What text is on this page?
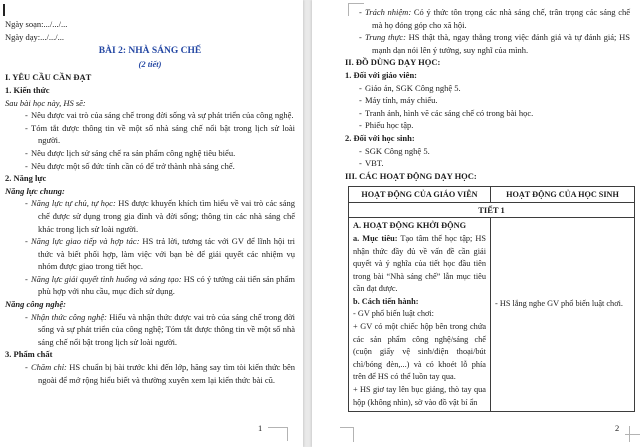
Ngày soạn:.../.../...
Ngày dạy:.../.../...
BÀI 2: NHÀ SÁNG CHẾ
(2 tiết)
I. YÊU CẦU CẦN ĐẠT
1. Kiến thức
Sau bài học này, HS sẽ:
- Nêu được vai trò của sáng chế trong đời sống và sự phát triển của công nghệ.
- Tóm tắt được thông tin về một số nhà sáng chế nổi bật trong lịch sử loài người.
- Nêu được lịch sử sáng chế ra sản phẩm công nghệ tiêu biểu.
- Nêu được một số đức tính cần có để trở thành nhà sáng chế.
2. Năng lực
Năng lực chung:
- Năng lực tự chủ, tự học: HS được khuyến khích tìm hiểu về vai trò các sáng chế được sử dụng trong gia đình và đời sống; thông tin các nhà sáng chế khác trong lịch sử loài người.
- Năng lực giao tiếp và hợp tác: HS trả lời, tương tác với GV để lĩnh hội tri thức và biết phối hợp, làm việc với bạn bè để giải quyết các nhiệm vụ nhóm được giao trong tiết học.
- Năng lực giải quyết tình huống và sáng tạo: HS có ý tưởng cải tiến sản phẩm phù hợp với nhu cầu, mục đích sử dụng.
Năng công nghệ:
- Nhận thức công nghệ: Hiểu và nhận thức được vai trò của sáng chế trong đời sống và sự phát triển của công nghệ; Tóm tắt được thông tin về một số nhà sáng chế nổi bật trong lịch sử loài người.
3. Phẩm chất
- Chăm chỉ: HS chuẩn bị bài trước khi đến lớp, hăng say tìm tòi kiến thức bên ngoài để mở rộng hiểu biết và thường xuyên xem lại kiến thức bài cũ.
1
- Trách nhiệm: Có ý thức tôn trọng các nhà sáng chế, trân trọng các sáng chế mà họ đóng góp cho xã hội.
- Trung thực: HS thật thà, ngay thẳng trong việc đánh giá và tự đánh giá; HS mạnh dạn nói lên ý tưởng, suy nghĩ của mình.
II. ĐỒ DÙNG DẠY HỌC:
1. Đối với giáo viên:
- Giáo án, SGK Công nghệ 5.
- Máy tính, máy chiếu.
- Tranh ảnh, hình vẽ các sáng chế có trong bài học.
- Phiếu học tập.
2. Đối với học sinh:
- SGK Công nghệ 5.
- VBT.
III. CÁC HOẠT ĐỘNG DẠY HỌC:
HOẠT ĐỘNG CỦA GIÁO VIÊN	HOẠT ĐỘNG CỦA HỌC SINH
TIẾT 1	

A. HOẠT ĐỘNG KHỞI ĐỘNG
a. Mục tiêu: Tạo tâm thế học tập; HS nhận thức đầy đủ về vấn đề cần giải quyết và ý nghĩa của tiết học đầu tiên trong bài “Nhà sáng chế” lẫn mục tiêu cần đạt được.
b. Cách tiến hành:
- GV phổ biến luật chơi:
+ GV có một chiếc hộp bên trong chứa các sản phẩm công nghệ/sáng chế (cuộn giấy vệ sinh/điện thoại/bút chì/bóng đèn,...) và có khoét lỗ phía trên để HS có thể luồn tay qua.
+ HS giơ tay lên bục giảng, thò tay qua hộp (không nhìn), sờ vào đồ vật bí ẩn

- HS lắng nghe GV phổ biến luật chơi.
2
